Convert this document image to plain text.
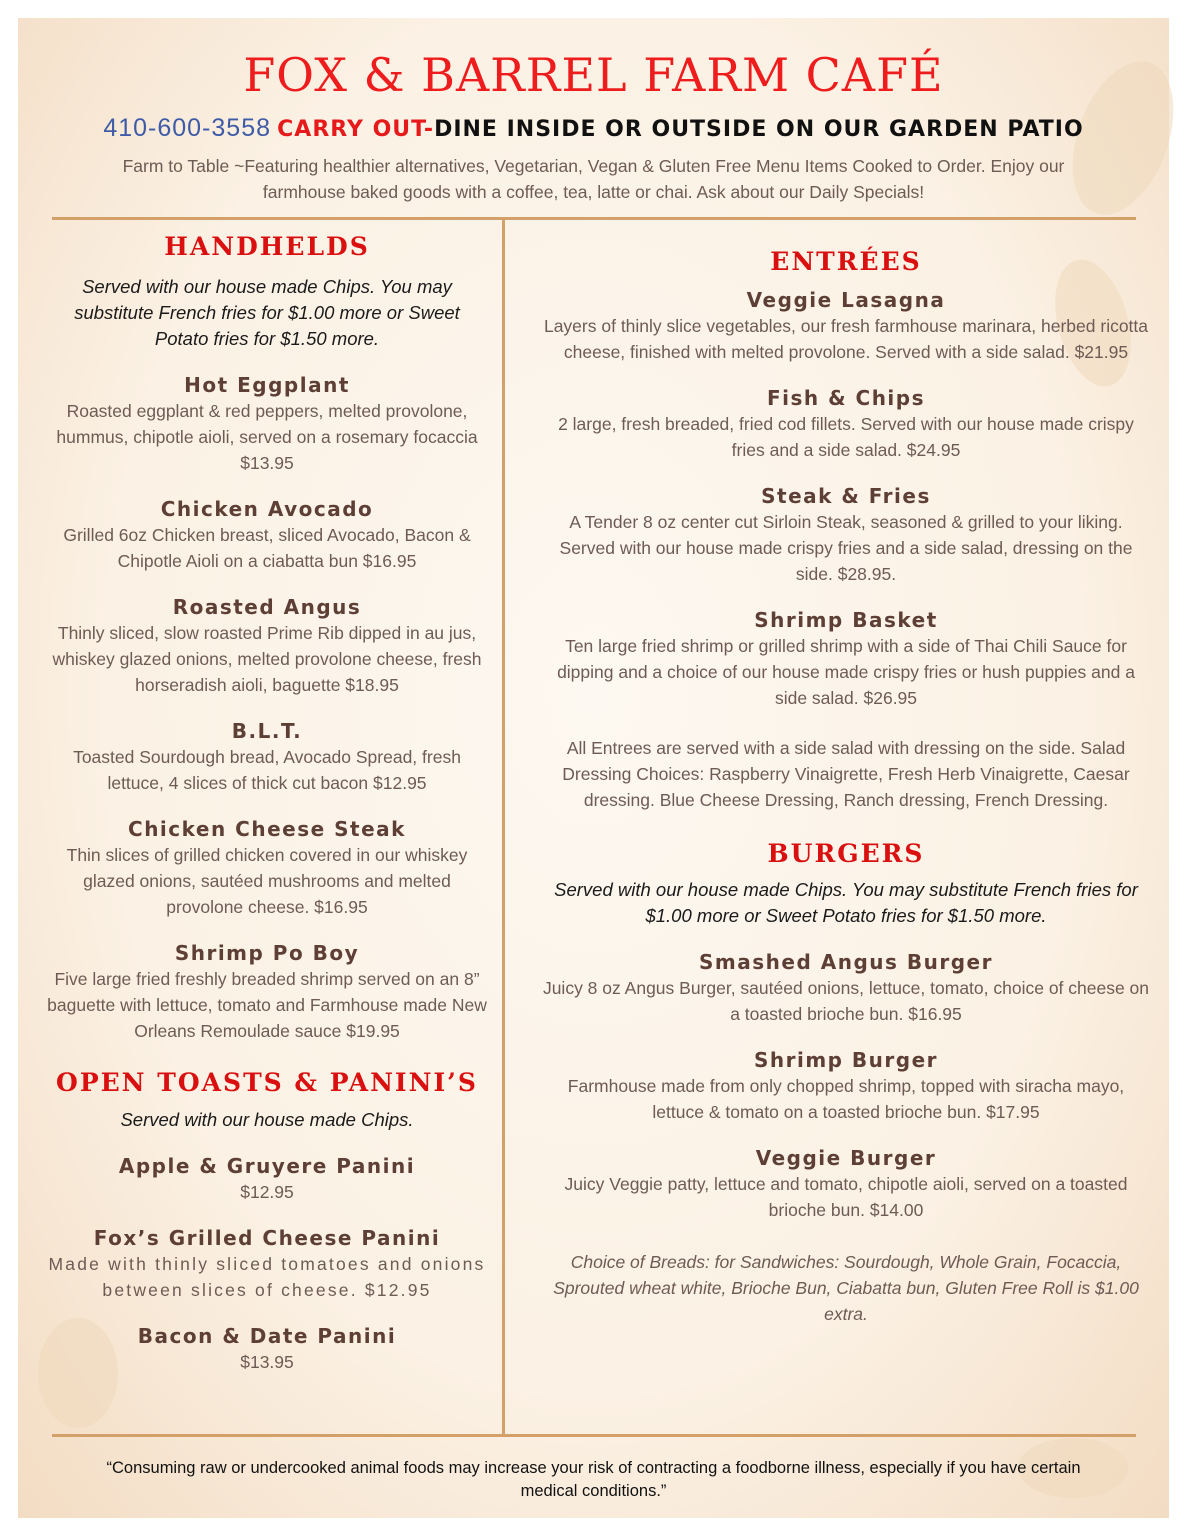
FOX & BARREL FARM CAFÉ
410-600-3558 CARRY OUT-DINE INSIDE OR OUTSIDE ON OUR GARDEN PATIO
Farm to Table ~Featuring healthier alternatives, Vegetarian, Vegan & Gluten Free Menu Items Cooked to Order. Enjoy our farmhouse baked goods with a coffee, tea, latte or chai. Ask about our Daily Specials!
HANDHELDS
Served with our house made Chips. You may substitute French fries for $1.00 more or Sweet Potato fries for $1.50 more.
Hot Eggplant
Roasted eggplant & red peppers, melted provolone, hummus, chipotle aioli, served on a rosemary focaccia $13.95
Chicken Avocado
Grilled 6oz Chicken breast, sliced Avocado, Bacon & Chipotle Aioli on a ciabatta bun $16.95
Roasted Angus
Thinly sliced, slow roasted Prime Rib dipped in au jus, whiskey glazed onions, melted provolone cheese, fresh horseradish aioli, baguette $18.95
B.L.T.
Toasted Sourdough bread, Avocado Spread, fresh lettuce, 4 slices of thick cut bacon $12.95
Chicken Cheese Steak
Thin slices of grilled chicken covered in our whiskey glazed onions, sautéed mushrooms and melted provolone cheese. $16.95
Shrimp Po Boy
Five large fried freshly breaded shrimp served on an 8” baguette with lettuce, tomato and Farmhouse made New Orleans Remoulade sauce $19.95
OPEN TOASTS & PANINI’S
Served with our house made Chips.
Apple & Gruyere Panini
$12.95
Fox’s Grilled Cheese Panini
Made with thinly sliced tomatoes and onions between slices of cheese. $12.95
Bacon & Date Panini
$13.95
ENTRÉES
Veggie Lasagna
Layers of thinly slice vegetables, our fresh farmhouse marinara, herbed ricotta cheese, finished with melted provolone. Served with a side salad. $21.95
Fish & Chips
2 large, fresh breaded, fried cod fillets. Served with our house made crispy fries and a side salad. $24.95
Steak & Fries
A Tender 8 oz center cut Sirloin Steak, seasoned & grilled to your liking. Served with our house made crispy fries and a side salad, dressing on the side. $28.95.
Shrimp Basket
Ten large fried shrimp or grilled shrimp with a side of Thai Chili Sauce for dipping and a choice of our house made crispy fries or hush puppies and a side salad. $26.95
All Entrees are served with a side salad with dressing on the side. Salad Dressing Choices: Raspberry Vinaigrette, Fresh Herb Vinaigrette, Caesar dressing. Blue Cheese Dressing, Ranch dressing, French Dressing.
BURGERS
Served with our house made Chips. You may substitute French fries for $1.00 more or Sweet Potato fries for $1.50 more.
Smashed Angus Burger
Juicy 8 oz Angus Burger, sautéed onions, lettuce, tomato, choice of cheese on a toasted brioche bun. $16.95
Shrimp Burger
Farmhouse made from only chopped shrimp, topped with siracha mayo, lettuce & tomato on a toasted brioche bun. $17.95
Veggie Burger
Juicy Veggie patty, lettuce and tomato, chipotle aioli, served on a toasted brioche bun. $14.00
Choice of Breads: for Sandwiches: Sourdough, Whole Grain, Focaccia, Sprouted wheat white, Brioche Bun, Ciabatta bun, Gluten Free Roll is $1.00 extra.
“Consuming raw or undercooked animal foods may increase your risk of contracting a foodborne illness, especially if you have certain medical conditions.”
